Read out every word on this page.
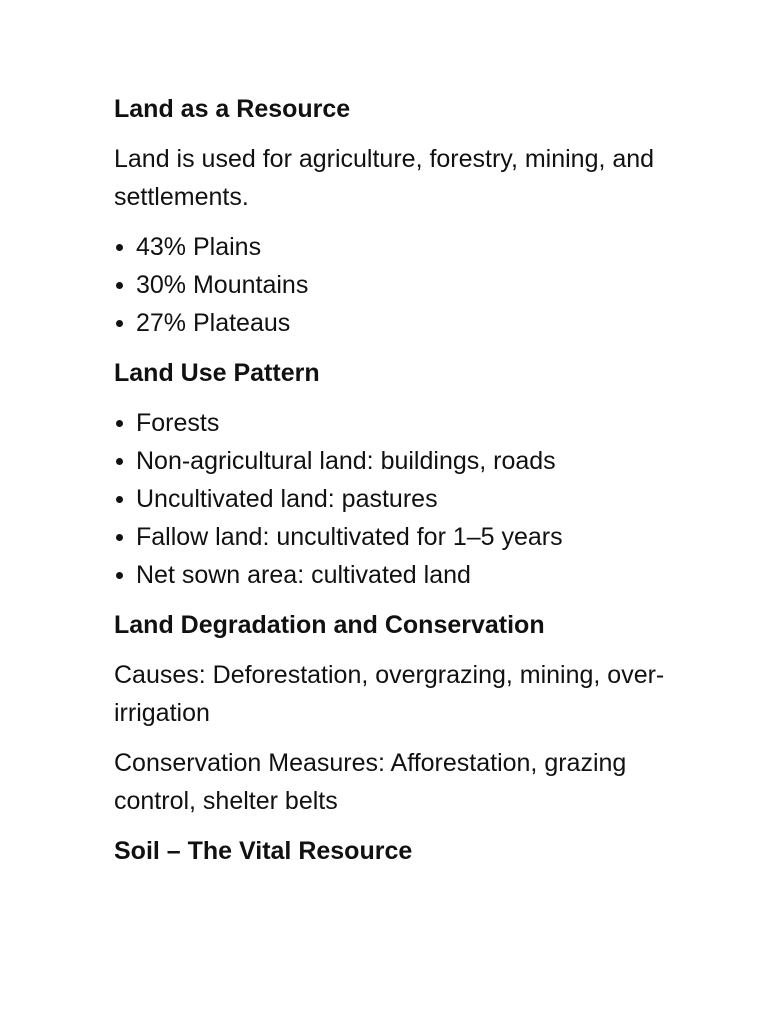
Land as a Resource

Land is used for agriculture, forestry, mining, and settlements.

43% Plains
30% Mountains
27% Plateaus
Land Use Pattern
Forests
Non-agricultural land: buildings, roads
Uncultivated land: pastures
Fallow land: uncultivated for 1–5 years
Net sown area: cultivated land
Land Degradation and Conservation

Causes: Deforestation, overgrazing, mining, over-irrigation

Conservation Measures: Afforestation, grazing control, shelter belts

Soil – The Vital Resource
